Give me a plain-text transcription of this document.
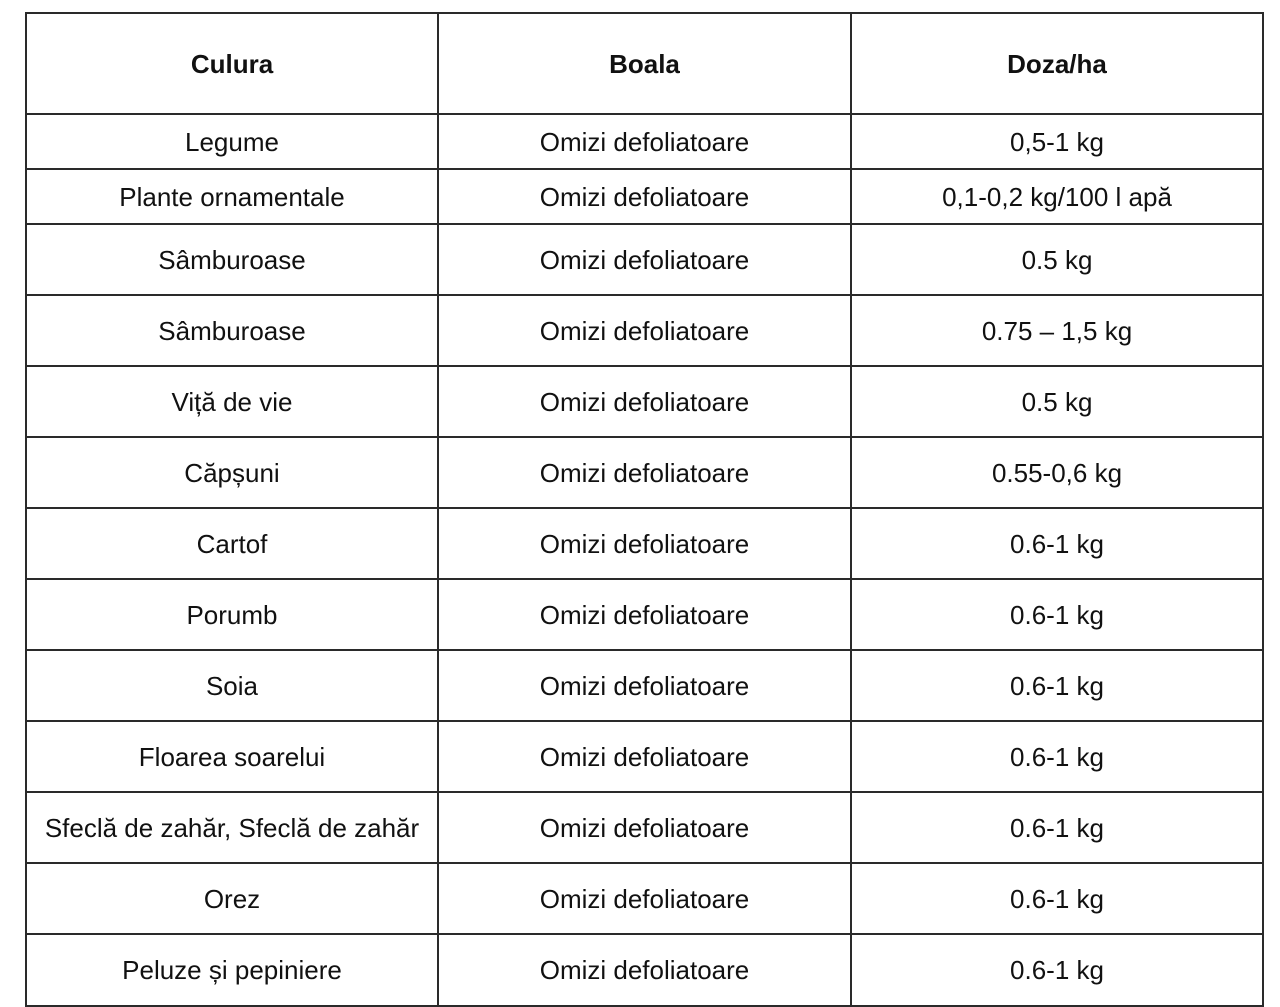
Culura	Boala	Doza/ha
Legume	Omizi defoliatoare	0,5-1 kg
Plante ornamentale	Omizi defoliatoare	0,1-0,2 kg/100 l apă
Sâmburoase	Omizi defoliatoare	0.5 kg
Sâmburoase	Omizi defoliatoare	0.75 – 1,5 kg
Viță de vie	Omizi defoliatoare	0.5 kg
Căpșuni	Omizi defoliatoare	0.55-0,6 kg
Cartof	Omizi defoliatoare	0.6-1 kg
Porumb	Omizi defoliatoare	0.6-1 kg
Soia	Omizi defoliatoare	0.6-1 kg
Floarea soarelui	Omizi defoliatoare	0.6-1 kg
Sfeclă de zahăr, Sfeclă de zahăr	Omizi defoliatoare	0.6-1 kg
Orez	Omizi defoliatoare	0.6-1 kg
Peluze și pepiniere	Omizi defoliatoare	0.6-1 kg
